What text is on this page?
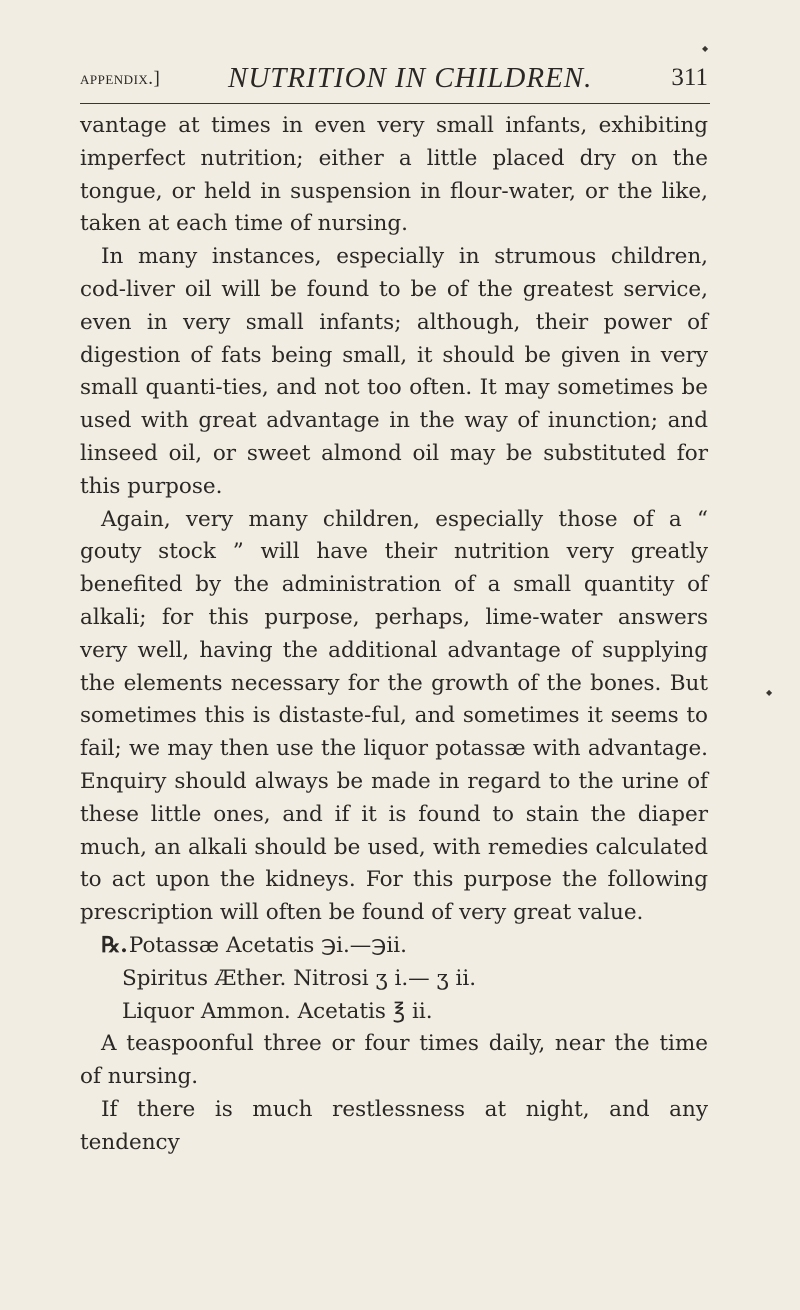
appendix.] NUTRITION IN CHILDREN.	311
◆
◆

vantage at times in even very small infants, exhibiting imperfect nutrition; either a little placed dry on the tongue, or held in suspension in flour-water, or the like, taken at each time of nursing.

In many instances, especially in strumous children, cod-liver oil will be found to be of the greatest service, even in very small infants; although, their power of digestion of fats being small, it should be given in very small quanti-ties, and not too often. It may sometimes be used with great advantage in the way of inunction; and linseed oil, or sweet almond oil may be substituted for this purpose.

Again, very many children, especially those of a “ gouty stock ” will have their nutrition very greatly benefited by the administration of a small quantity of alkali; for this purpose, perhaps, lime-water answers very well, having the additional advantage of supplying the elements necessary for the growth of the bones. But sometimes this is distaste-ful, and sometimes it seems to fail; we may then use the liquor potassæ with advantage. Enquiry should always be made in regard to the urine of these little ones, and if it is found to stain the diaper much, an alkali should be used, with remedies calculated to act upon the kidneys. For this purpose the following prescription will often be found of very great value.

℞. Potassæ Acetatis ℈i.—℈ii.

Spiritus Æther. Nitrosi ʒ i.— ʒ ii.

Liquor Ammon. Acetatis ℥ ii.

A teaspoonful three or four times daily, near the time of nursing.

If there is much restlessness at night, and any tendency
